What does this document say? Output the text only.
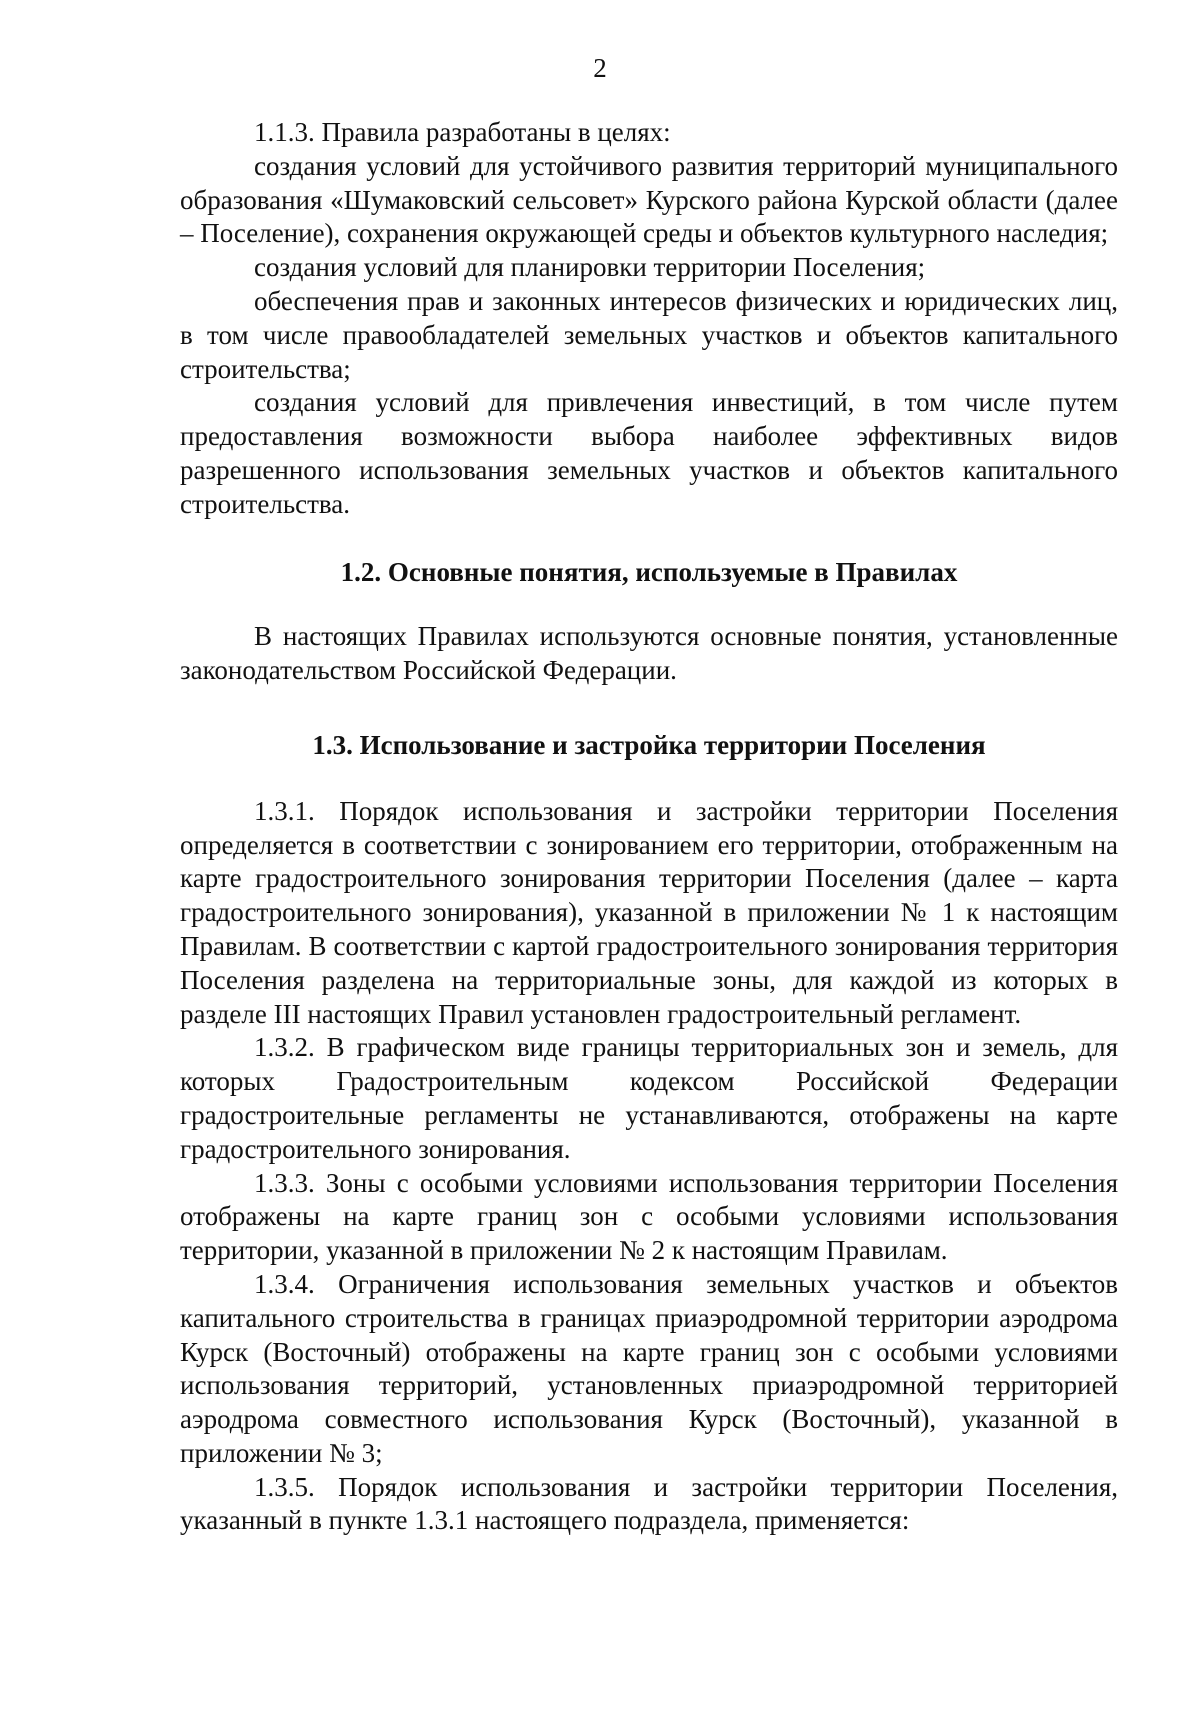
2

1.1.3. Правила разработаны в целях:

создания условий для устойчивого развития территорий муниципального образования «Шумаковский сельсовет» Курского района Курской области (далее – Поселение), сохранения окружающей среды и объектов культурного наследия;

создания условий для планировки территории Поселения;

обеспечения прав и законных интересов физических и юридических лиц, в том числе правообладателей земельных участков и объектов капитального строительства;

создания условий для привлечения инвестиций, в том числе путем предоставления возможности выбора наиболее эффективных видов разрешенного использования земельных участков и объектов капитального строительства.

1.2. Основные понятия, используемые в Правилах

В настоящих Правилах используются основные понятия, установленные законодательством Российской Федерации.

1.3. Использование и застройка территории Поселения

1.3.1. Порядок использования и застройки территории Поселения определяется в соответствии с зонированием его территории, отображенным на карте градостроительного зонирования территории Поселения (далее – карта градостроительного зонирования), указанной в приложении № 1 к настоящим Правилам. В соответствии с картой градостроительного зонирования территория Поселения разделена на территориальные зоны, для каждой из которых в разделе III настоящих Правил установлен градостроительный регламент.

1.3.2. В графическом виде границы территориальных зон и земель, для которых Градостроительным кодексом Российской Федерации градостроительные регламенты не устанавливаются, отображены на карте градостроительного зонирования.

1.3.3. Зоны с особыми условиями использования территории Поселения отображены на карте границ зон с особыми условиями использования территории, указанной в приложении № 2 к настоящим Правилам.

1.3.4. Ограничения использования земельных участков и объектов капитального строительства в границах приаэродромной территории аэродрома Курск (Восточный) отображены на карте границ зон с особыми условиями использования территорий, установленных приаэродромной территорией аэродрома совместного использования Курск (Восточный), указанной в приложении № 3;

1.3.5. Порядок использования и застройки территории Поселения, указанный в пункте 1.3.1 настоящего подраздела, применяется:
